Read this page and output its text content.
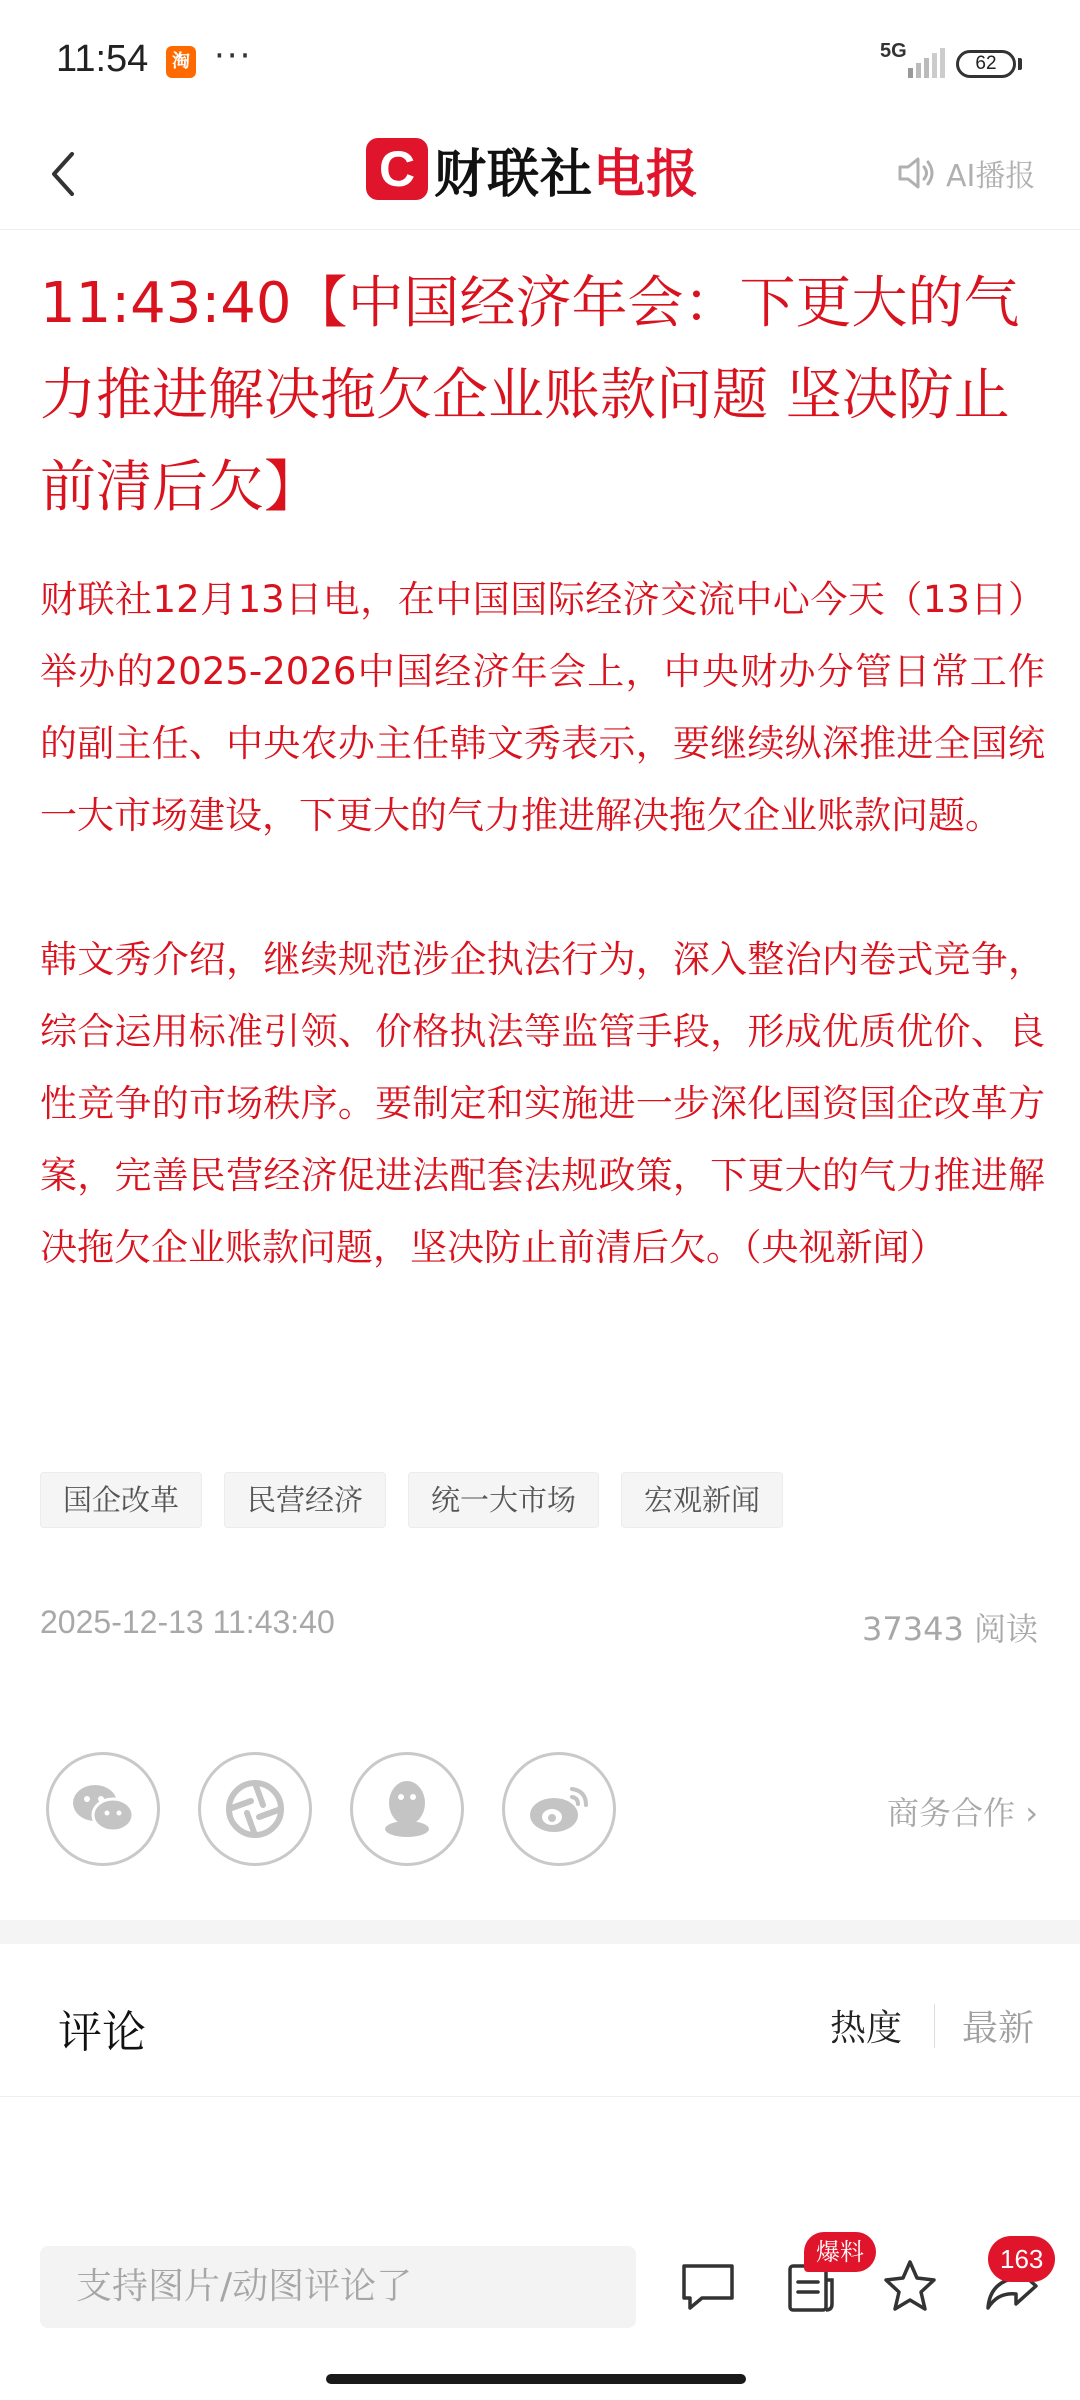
11:54	淘 ···	5G
62
C 财联社 电报	AI播报
11:43:40【中国经济年会：下更大的气力推进解决拖欠企业账款问题 坚决防止前清后欠】

财联社12月13日电，在中国国际经济交流中心今天（13日）举办的2025-2026中国经济年会上，中央财办分管日常工作的副主任、中央农办主任韩文秀表示，要继续纵深推进全国统一大市场建设，下更大的气力推进解决拖欠企业账款问题。

韩文秀介绍，继续规范涉企执法行为，深入整治内卷式竞争，综合运用标准引领、价格执法等监管手段，形成优质优价、良性竞争的市场秩序。要制定和实施进一步深化国资国企改革方案，完善民营经济促进法配套法规政策，下更大的气力推进解决拖欠企业账款问题，坚决防止前清后欠。（央视新闻）

国企改革	民营经济	统一大市场	宏观新闻
2025-12-13 11:43:40	37343 阅读
商务合作 ›
评论	热度 最新
支持图片/动图评论了
爆料	163
